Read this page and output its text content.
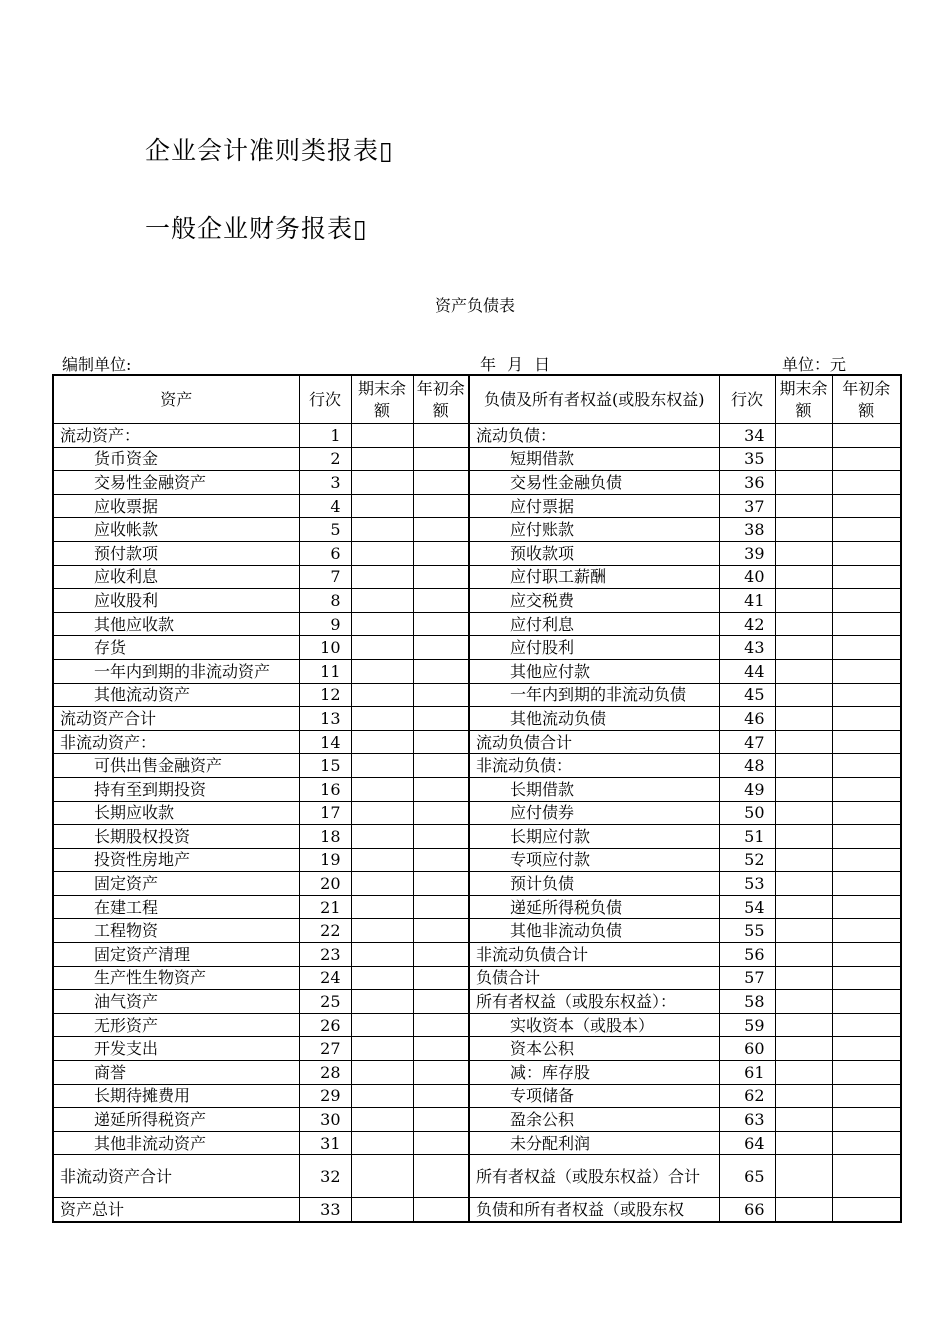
企业会计准则类报表▯
一般企业财务报表▯
资产负债表
编制单位:	年 月 日	单位：元
资产	行次	期末余额	年初余额	负债及所有者权益(或股东权益)	行次	期末余额	年初余额
流动资产：	1			流动负债：	34		
货币资金	2			短期借款	35		
交易性金融资产	3			交易性金融负债	36		
应收票据	4			应付票据	37		
应收帐款	5			应付账款	38		
预付款项	6			预收款项	39		
应收利息	7			应付职工薪酬	40		
应收股利	8			应交税费	41		
其他应收款	9			应付利息	42		
存货	10			应付股利	43		
一年内到期的非流动资产	11			其他应付款	44		
其他流动资产	12			一年内到期的非流动负债	45		
流动资产合计	13			其他流动负债	46		
非流动资产：	14			流动负债合计	47		
可供出售金融资产	15			非流动负债：	48		
持有至到期投资	16			长期借款	49		
长期应收款	17			应付债券	50		
长期股权投资	18			长期应付款	51		
投资性房地产	19			专项应付款	52		
固定资产	20			预计负债	53		
在建工程	21			递延所得税负债	54		
工程物资	22			其他非流动负债	55		
固定资产清理	23			非流动负债合计	56		
生产性生物资产	24			负债合计	57		
油气资产	25			所有者权益（或股东权益）：	58		
无形资产	26			实收资本（或股本）	59		
开发支出	27			资本公积	60		
商誉	28			减：库存股	61		
长期待摊费用	29			专项储备	62		
递延所得税资产	30			盈余公积	63		
其他非流动资产	31			未分配利润	64		
非流动资产合计	32			所有者权益（或股东权益）合计	65		
资产总计	33			负债和所有者权益（或股东权	66		
